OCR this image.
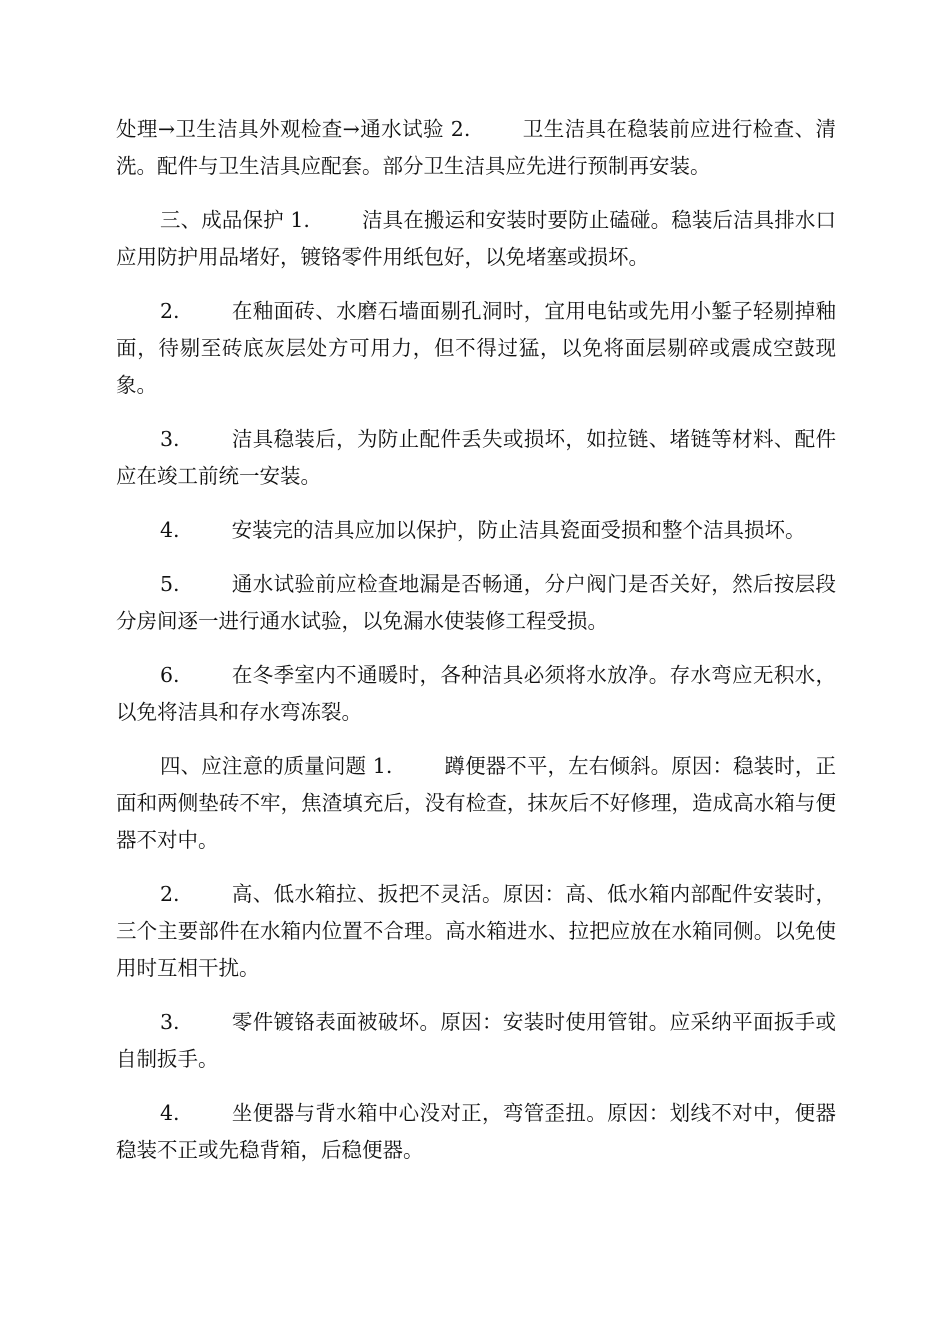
处理→卫生洁具外观检查→通水试验 2.	卫生洁具在稳装前应进行检查、清洗。配件与卫生洁具应配套。部分卫生洁具应先进行预制再安装。

三、成品保护 1.	洁具在搬运和安装时要防止磕碰。稳装后洁具排水口应用防护用品堵好，镀铬零件用纸包好，以免堵塞或损坏。

2.	在釉面砖、水磨石墙面剔孔洞时，宜用电钻或先用小錾子轻剔掉釉面，待剔至砖底灰层处方可用力，但不得过猛，以免将面层剔碎或震成空鼓现象。

3.	洁具稳装后，为防止配件丢失或损坏，如拉链、堵链等材料、配件应在竣工前统一安装。

4.	安装完的洁具应加以保护，防止洁具瓷面受损和整个洁具损坏。

5.	通水试验前应检查地漏是否畅通，分户阀门是否关好，然后按层段分房间逐一进行通水试验，以免漏水使装修工程受损。

6.	在冬季室内不通暖时，各种洁具必须将水放净。存水弯应无积水，以免将洁具和存水弯冻裂。

四、应注意的质量问题 1.	蹲便器不平，左右倾斜。原因：稳装时，正面和两侧垫砖不牢，焦渣填充后，没有检查，抹灰后不好修理，造成高水箱与便器不对中。

2.	高、低水箱拉、扳把不灵活。原因：高、低水箱内部配件安装时，三个主要部件在水箱内位置不合理。高水箱进水、拉把应放在水箱同侧。以免使用时互相干扰。

3.	零件镀铬表面被破坏。原因：安装时使用管钳。应采纳平面扳手或自制扳手。

4.	坐便器与背水箱中心没对正，弯管歪扭。原因：划线不对中，便器稳装不正或先稳背箱，后稳便器。
